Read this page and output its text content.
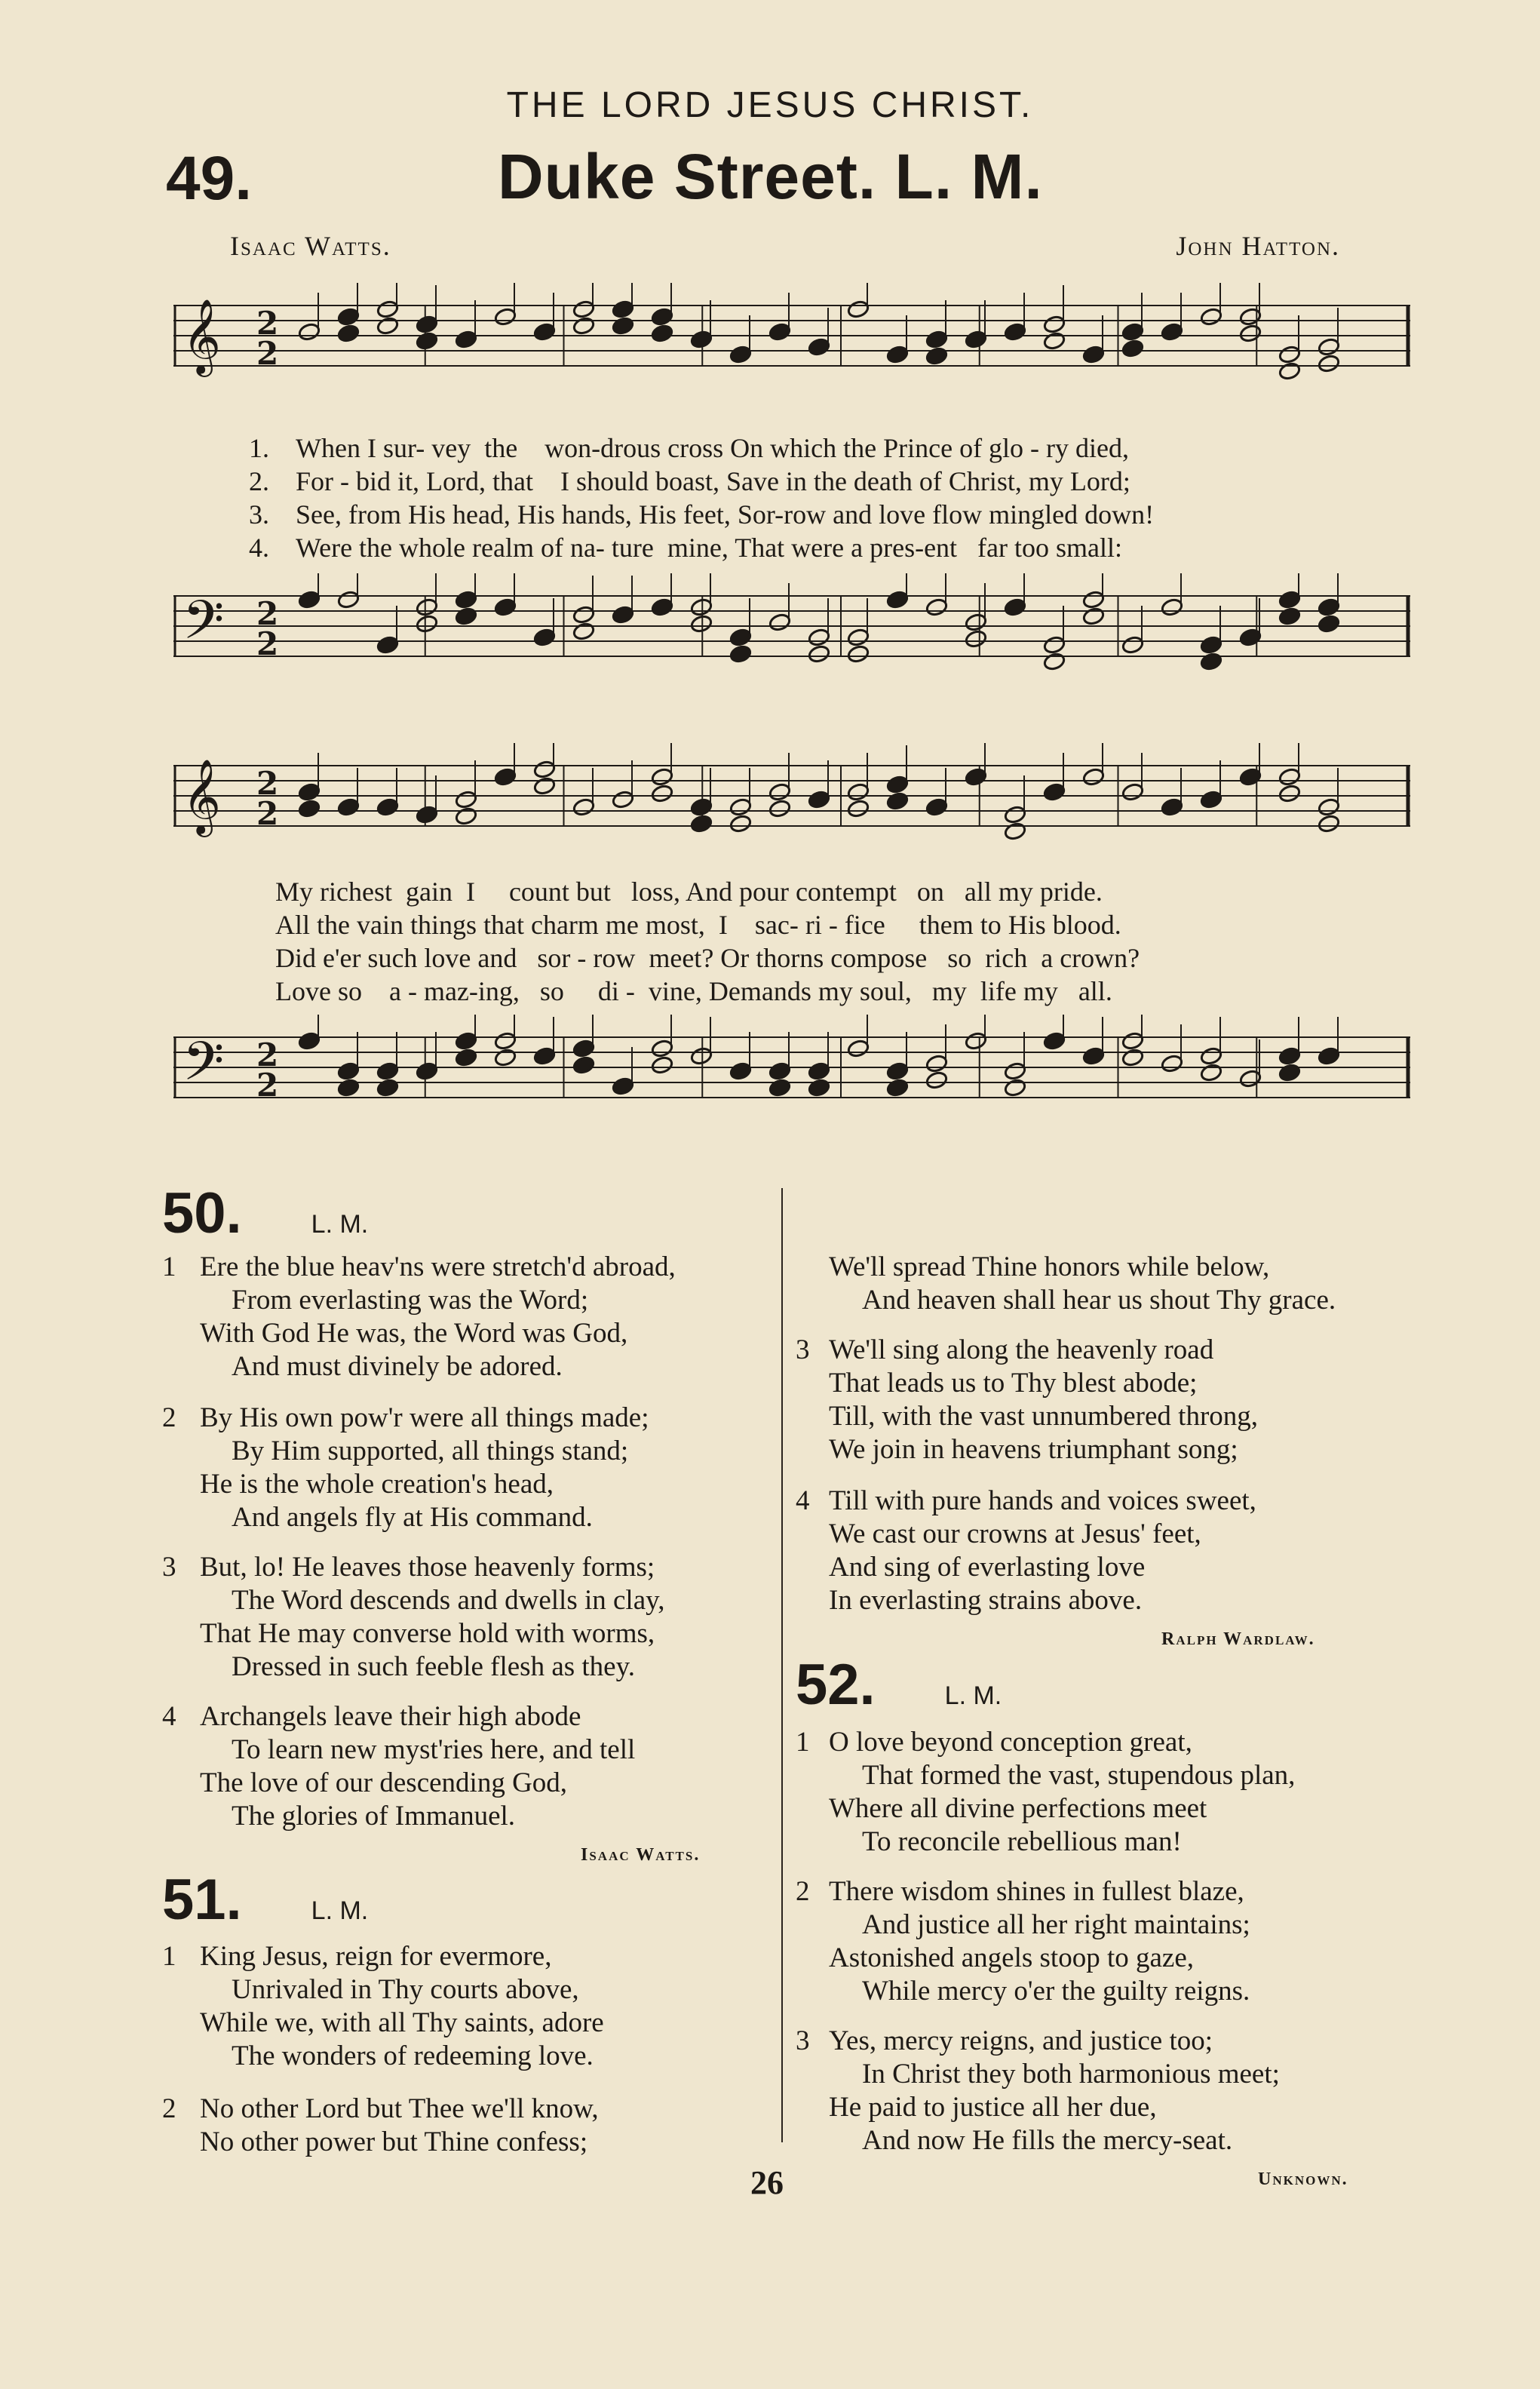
THE LORD JESUS CHRIST.
49.	Duke Street. L. M.
Isaac Watts.	John Hatton.
𝄞 2
2
1. When I sur- vey  the    won-drous cross On which the Prince of glo - ry died,
2. For - bid it, Lord, that    I should boast, Save in the death of Christ, my Lord;
3. See, from His head, His hands, His feet, Sor-row and love flow mingled down!
4. Were the whole realm of na- ture  mine, That were a pres-ent   far too small:
𝄢 2
2
𝄞 2
2
My richest  gain  I     count but   loss, And pour contempt   on   all my pride.
All the vain things that charm me most,  I    sac- ri - fice     them to His blood.
Did e'er such love and   sor - row  meet? Or thorns compose   so  rich  a crown?
Love so    a - maz-ing,   so     di -  vine, Demands my soul,   my  life my   all.
𝄢 2
2
50.	L. M.
1 Ere the blue heav'ns were stretch'd abroad,
From everlasting was the Word;
With God He was, the Word was God,
And must divinely be adored.
2 By His own pow'r were all things made;
By Him supported, all things stand;
He is the whole creation's head,
And angels fly at His command.
3 But, lo! He leaves those heavenly forms;
The Word descends and dwells in clay,
That He may converse hold with worms,
Dressed in such feeble flesh as they.
4 Archangels leave their high abode
To learn new myst'ries here, and tell
The love of our descending God,
The glories of Immanuel.
Isaac Watts.
51.	L. M.
1 King Jesus, reign for evermore,
Unrivaled in Thy courts above,
While we, with all Thy saints, adore
The wonders of redeeming love.
2 No other Lord but Thee we'll know,
No other power but Thine confess;
We'll spread Thine honors while below,
And heaven shall hear us shout Thy grace.
3 We'll sing along the heavenly road
That leads us to Thy blest abode;
Till, with the vast unnumbered throng,
We join in heavens triumphant song;
4 Till with pure hands and voices sweet,
We cast our crowns at Jesus' feet,
And sing of everlasting love
In everlasting strains above.
Ralph Wardlaw.
52.	L. M.
1 O love beyond conception great,
That formed the vast, stupendous plan,
Where all divine perfections meet
To reconcile rebellious man!
2 There wisdom shines in fullest blaze,
And justice all her right maintains;
Astonished angels stoop to gaze,
While mercy o'er the guilty reigns.
3 Yes, mercy reigns, and justice too;
In Christ they both harmonious meet;
He paid to justice all her due,
And now He fills the mercy-seat.
Unknown.
26
